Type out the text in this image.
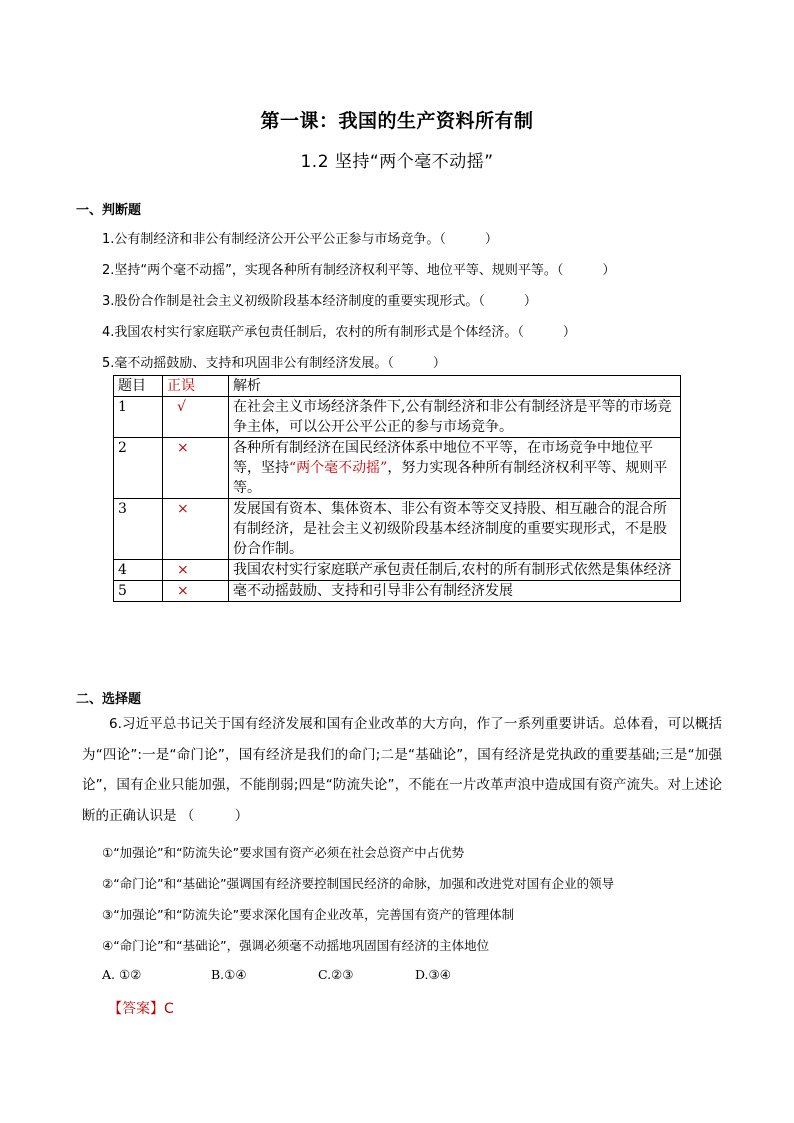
第一课：我国的生产资料所有制
1.2 坚持“两个毫不动摇”
一、判断题
1.公有制经济和非公有制经济公开公平公正参与市场竞争。（　　　）
2.坚持“两个毫不动摇”，实现各种所有制经济权利平等、地位平等、规则平等。（　　　）
3.股份合作制是社会主义初级阶段基本经济制度的重要实现形式。（　　　）
4.我国农村实行家庭联产承包责任制后，农村的所有制形式是个体经济。（　　　）
5.毫不动摇鼓励、支持和巩固非公有制经济发展。（　　　）
题目	正误	解析
1	√	在社会主义市场经济条件下,公有制经济和非公有制经济是平等的市场竞争主体，可以公开公平公正的参与市场竞争。
2	×	各种所有制经济在国民经济体系中地位不平等，在市场竞争中地位平等，坚持“两个毫不动摇”，努力实现各种所有制经济权利平等、规则平等。
3	×	发展国有资本、集体资本、非公有资本等交叉持股、相互融合的混合所有制经济，是社会主义初级阶段基本经济制度的重要实现形式，不是股份合作制。
4	×	我国农村实行家庭联产承包责任制后,农村的所有制形式依然是集体经济
5	×	毫不动摇鼓励、支持和引导非公有制经济发展
二、选择题
6.习近平总书记关于国有经济发展和国有企业改革的大方向，作了一系列重要讲话。总体看，可以概括为“四论”:一是“命门论”，国有经济是我们的命门;二是“基础论”，国有经济是党执政的重要基础;三是“加强论”，国有企业只能加强，不能削弱;四是“防流失论”，不能在一片改革声浪中造成国有资产流失。对上述论断的正确认识是 （　　　）
①“加强论”和“防流失论”要求国有资产必须在社会总资产中占优势
②“命门论”和“基础论”强调国有经济要控制国民经济的命脉，加强和改进党对国有企业的领导
③“加强论”和“防流失论”要求深化国有企业改革，完善国有资产的管理体制
④“命门论”和“基础论”，强调必须毫不动摇地巩固国有经济的主体地位
A. ①②	B.①④	C.②③	D.③④
【答案】C
